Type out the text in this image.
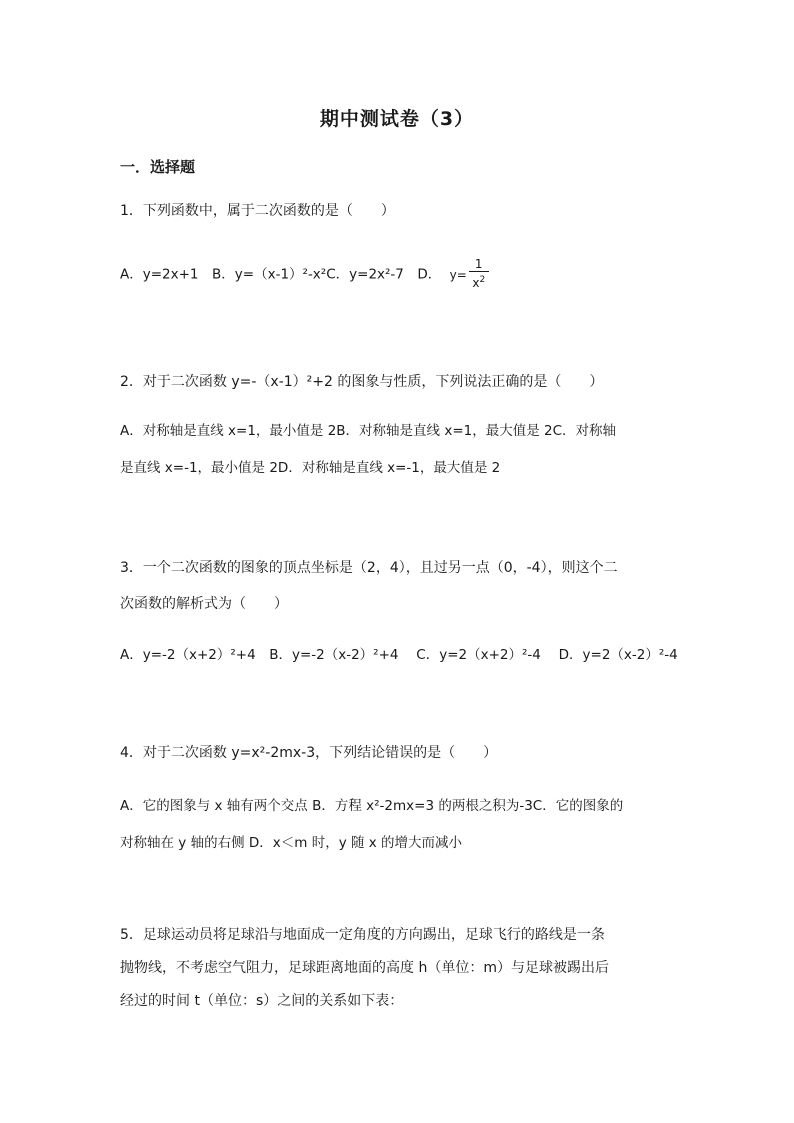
期中测试卷（3）
一．选择题
1．下列函数中，属于二次函数的是（　　）
A．y=2x+1　B．y=（x-1）²-x²C．y=2x²-7　D． $y= \frac{1}{x^2}$
2．对于二次函数 y=-（x-1）²+2 的图象与性质，下列说法正确的是（　　）
A．对称轴是直线 x=1，最小值是 2B．对称轴是直线 x=1，最大值是 2C．对称轴
是直线 x=-1，最小值是 2D．对称轴是直线 x=-1，最大值是 2
3．一个二次函数的图象的顶点坐标是（2，4），且过另一点（0，-4），则这个二
次函数的解析式为（　　）
A．y=-2（x+2）²+4　B．y=-2（x-2）²+4　 C．y=2（x+2）²-4　 D．y=2（x-2）²-4
4．对于二次函数 y=x²-2mx-3，下列结论错误的是（　　）
A．它的图象与 x 轴有两个交点 B．方程 x²-2mx=3 的两根之积为-3C．它的图象的
对称轴在 y 轴的右侧 D．x＜m 时，y 随 x 的增大而减小
5．足球运动员将足球沿与地面成一定角度的方向踢出，足球飞行的路线是一条
抛物线，不考虑空气阻力，足球距离地面的高度 h（单位：m）与足球被踢出后
经过的时间 t（单位：s）之间的关系如下表：
